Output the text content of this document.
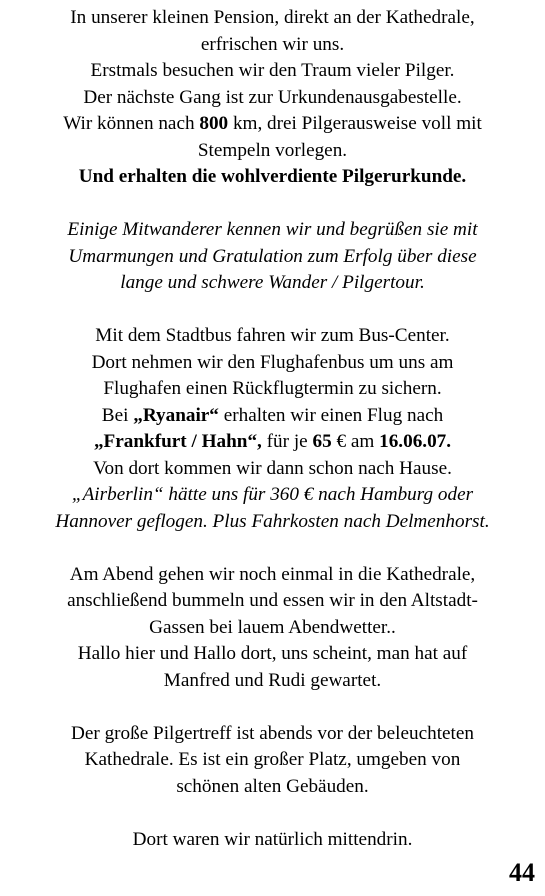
In unserer kleinen Pension, direkt an der Kathedrale,
erfrischen wir uns.
Erstmals besuchen wir den Traum vieler Pilger.
Der nächste Gang ist zur Urkundenausgabestelle.
Wir können nach 800 km, drei Pilgerausweise voll mit
Stempeln vorlegen.
Und erhalten die wohlverdiente Pilgerurkunde.
Einige Mitwanderer kennen wir und begrüßen sie mit
Umarmungen und Gratulation zum Erfolg über diese
lange und schwere Wander / Pilgertour.
Mit dem Stadtbus fahren wir zum Bus-Center.
Dort nehmen wir den Flughafenbus um uns am
Flughafen einen Rückflugtermin zu sichern.
Bei „Ryanair“ erhalten wir einen Flug nach
„Frankfurt / Hahn“, für je 65 € am 16.06.07.
Von dort kommen wir dann schon nach Hause.
„Airberlin“ hätte uns für 360 € nach Hamburg oder
Hannover geflogen. Plus Fahrkosten nach Delmenhorst.
Am Abend gehen wir noch einmal in die Kathedrale,
anschließend bummeln und essen wir in den Altstadt-
Gassen bei lauem Abendwetter..
Hallo hier und Hallo dort, uns scheint, man hat auf
Manfred und Rudi gewartet.
Der große Pilgertreff ist abends vor der beleuchteten
Kathedrale. Es ist ein großer Platz, umgeben von
schönen alten Gebäuden.
Dort waren wir natürlich mittendrin.
44
